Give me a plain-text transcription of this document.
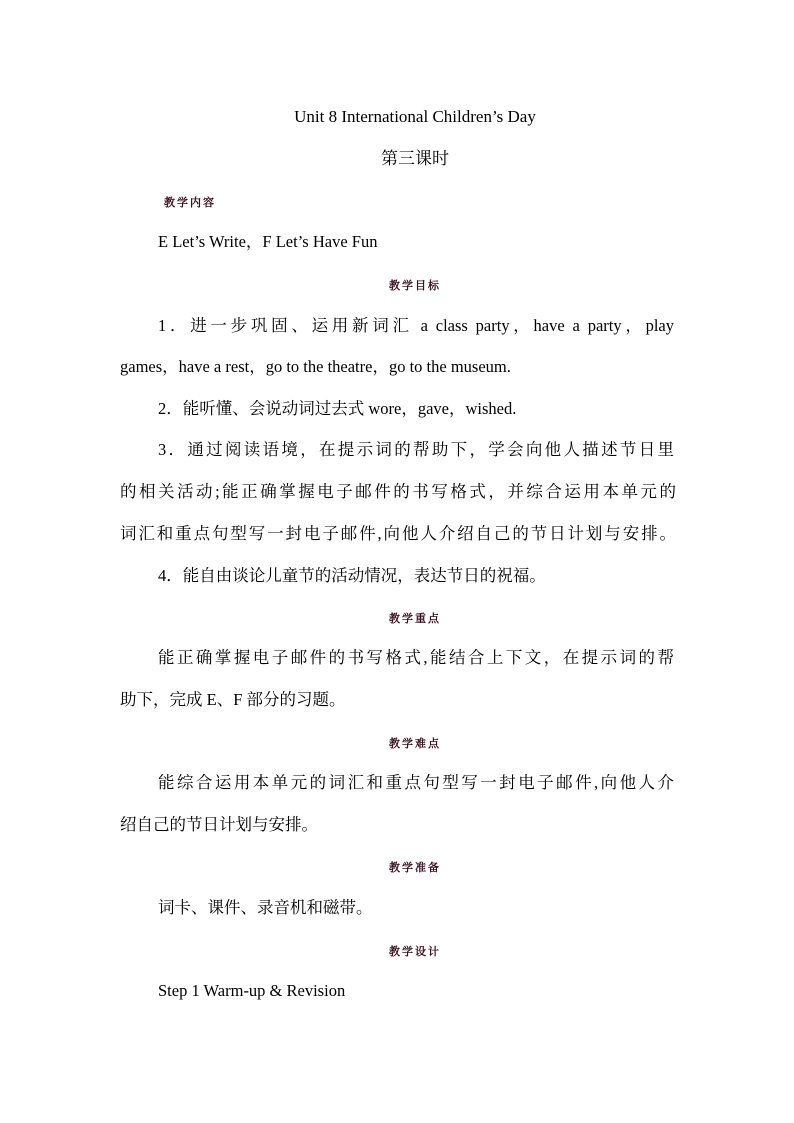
Unit 8 International Children’s Day
第三课时
教学内容
E Let’s Write，F Let’s Have Fun
教学目标
1．进一步巩固、运用新词汇 a class party，have a party，play
games，have a rest，go to the theatre，go to the museum.
2．能听懂、会说动词过去式 wore，gave，wished.
3．通过阅读语境，在提示词的帮助下，学会向他人描述节日里
的相关活动;能正确掌握电子邮件的书写格式，并综合运用本单元的
词汇和重点句型写一封电子邮件,向他人介绍自己的节日计划与安排。
4．能自由谈论儿童节的活动情况，表达节日的祝福。
教学重点
能正确掌握电子邮件的书写格式,能结合上下文，在提示词的帮
助下，完成 E、F 部分的习题。
教学难点
能综合运用本单元的词汇和重点句型写一封电子邮件,向他人介
绍自己的节日计划与安排。
教学准备
词卡、课件、录音机和磁带。
教学设计
Step 1 Warm-up & Revision
